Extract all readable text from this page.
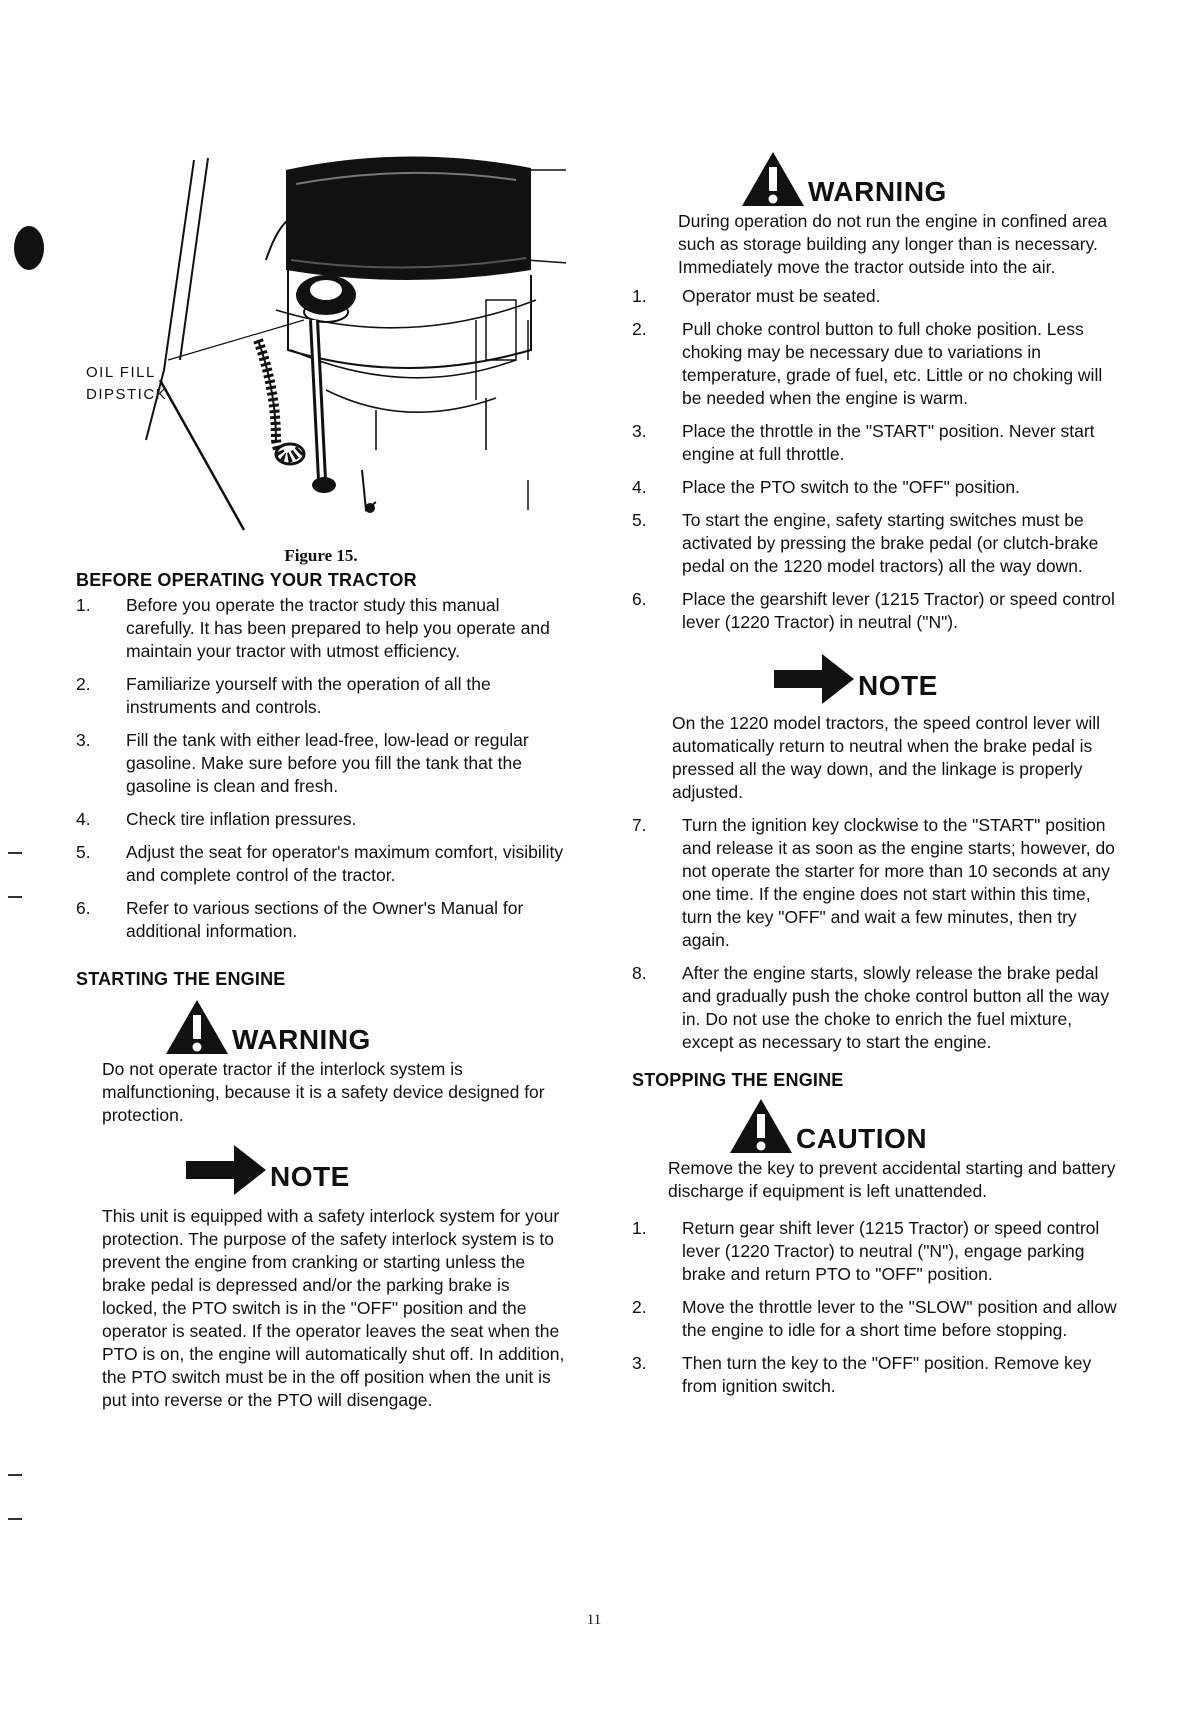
OIL FILL
DIPSTICK
Figure 15.
BEFORE OPERATING YOUR TRACTOR
1. Before you operate the tractor study this manual carefully. It has been prepared to help you operate and maintain your tractor with utmost efficiency.
2. Familiarize yourself with the operation of all the instruments and controls.
3. Fill the tank with either lead-free, low-lead or regular gasoline. Make sure before you fill the tank that the gasoline is clean and fresh.
4. Check tire inflation pressures.
5. Adjust the seat for operator's maximum comfort, visibility and complete control of the tractor.
6. Refer to various sections of the Owner's Manual for additional information.
STARTING THE ENGINE
WARNING
Do not operate tractor if the interlock system is malfunctioning, because it is a safety device designed for protection.
NOTE
This unit is equipped with a safety interlock system for your protection. The purpose of the safety interlock system is to prevent the engine from cranking or starting unless the brake pedal is depressed and/or the parking brake is locked, the PTO switch is in the "OFF" position and the operator is seated. If the operator leaves the seat when the PTO is on, the engine will automatically shut off. In addition, the PTO switch must be in the off position when the unit is put into reverse or the PTO will disengage.
WARNING
During operation do not run the engine in confined area such as storage building any longer than is necessary. Immediately move the tractor outside into the air.
1. Operator must be seated.
2. Pull choke control button to full choke position. Less choking may be necessary due to variations in temperature, grade of fuel, etc. Little or no choking will be needed when the engine is warm.
3. Place the throttle in the "START" position. Never start engine at full throttle.
4. Place the PTO switch to the "OFF" position.
5. To start the engine, safety starting switches must be activated by pressing the brake pedal (or clutch-brake pedal on the 1220 model tractors) all the way down.
6. Place the gearshift lever (1215 Tractor) or speed control lever (1220 Tractor) in neutral ("N").
NOTE
On the 1220 model tractors, the speed control lever will automatically return to neutral when the brake pedal is pressed all the way down, and the linkage is properly adjusted.
7. Turn the ignition key clockwise to the "START" position and release it as soon as the engine starts; however, do not operate the starter for more than 10 seconds at any one time. If the engine does not start within this time, turn the key "OFF" and wait a few minutes, then try again.
8. After the engine starts, slowly release the brake pedal and gradually push the choke control button all the way in. Do not use the choke to enrich the fuel mixture, except as necessary to start the engine.
STOPPING THE ENGINE
CAUTION
Remove the key to prevent accidental starting and battery discharge if equipment is left unattended.
1. Return gear shift lever (1215 Tractor) or speed control lever (1220 Tractor) to neutral ("N"), engage parking brake and return PTO to "OFF" position.
2. Move the throttle lever to the "SLOW" position and allow the engine to idle for a short time before stopping.
3. Then turn the key to the "OFF" position. Remove key from ignition switch.
11
